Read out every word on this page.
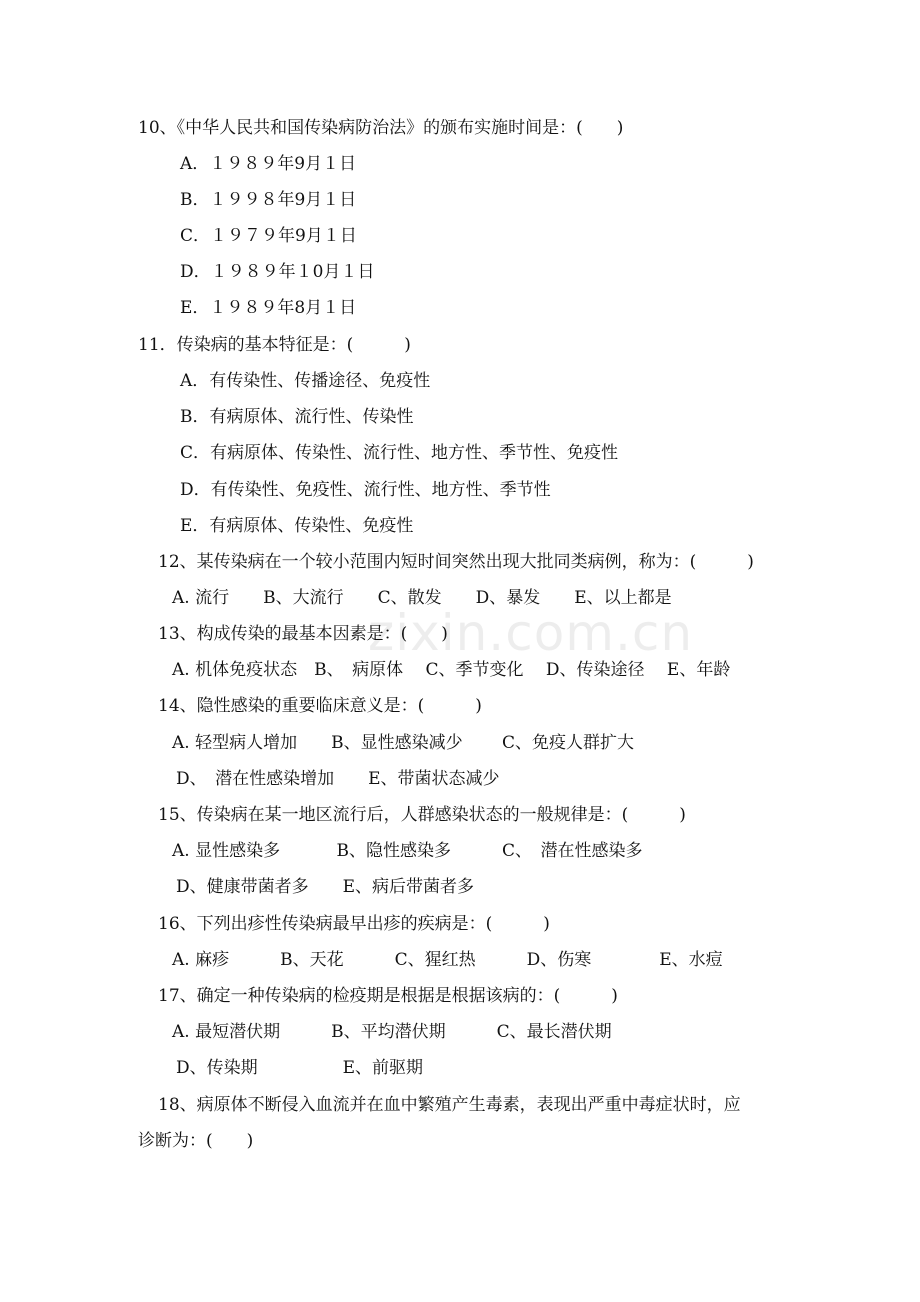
zixin.com.cn
10、《中华人民共和国传染病防治法》的颁布实施时间是：(　　)
A．１９８９年9月１日
B．１９９８年9月１日
C．１９７９年9月１日
D．１９８９年１0月１日
E．１９８９年8月１日
11．传染病的基本特征是：(　　　)
A．有传染性、传播途径、免疫性
B．有病原体、流行性、传染性
C．有病原体、传染性、流行性、地方性、季节性、免疫性
D．有传染性、免疫性、流行性、地方性、季节性
E．有病原体、传染性、免疫性
12、某传染病在一个较小范围内短时间突然出现大批同类病例，称为：(　　　)
A. 流行　　B、大流行　　C、散发　　D、暴发　　E、以上都是
13、构成传染的最基本因素是：(　　)
A. 机体免疫状态　B、　病原体　 C、季节变化　 D、传染途径　 E、年龄
14、隐性感染的重要临床意义是：(　　　)
A. 轻型病人增加　　B、显性感染减少　　 C、免疫人群扩大
D、　潜在性感染增加　　E、带菌状态减少
15、传染病在某一地区流行后，人群感染状态的一般规律是：(　　　)
A. 显性感染多　　　 B、隐性感染多　　　C、　潜在性感染多
D、健康带菌者多　　E、病后带菌者多
16、下列出疹性传染病最早出疹的疾病是：(　　　)
A. 麻疹　　　B、天花　　　C、猩红热　　　D、伤寒　　　　E、水痘
17、确定一种传染病的检疫期是根据是根据该病的：(　　　)
A. 最短潜伏期　　　B、平均潜伏期　　　C、最长潜伏期
D、传染期　　　　　E、前驱期
18、病原体不断侵入血流并在血中繁殖产生毒素，表现出严重中毒症状时，应
诊断为：(　　)
